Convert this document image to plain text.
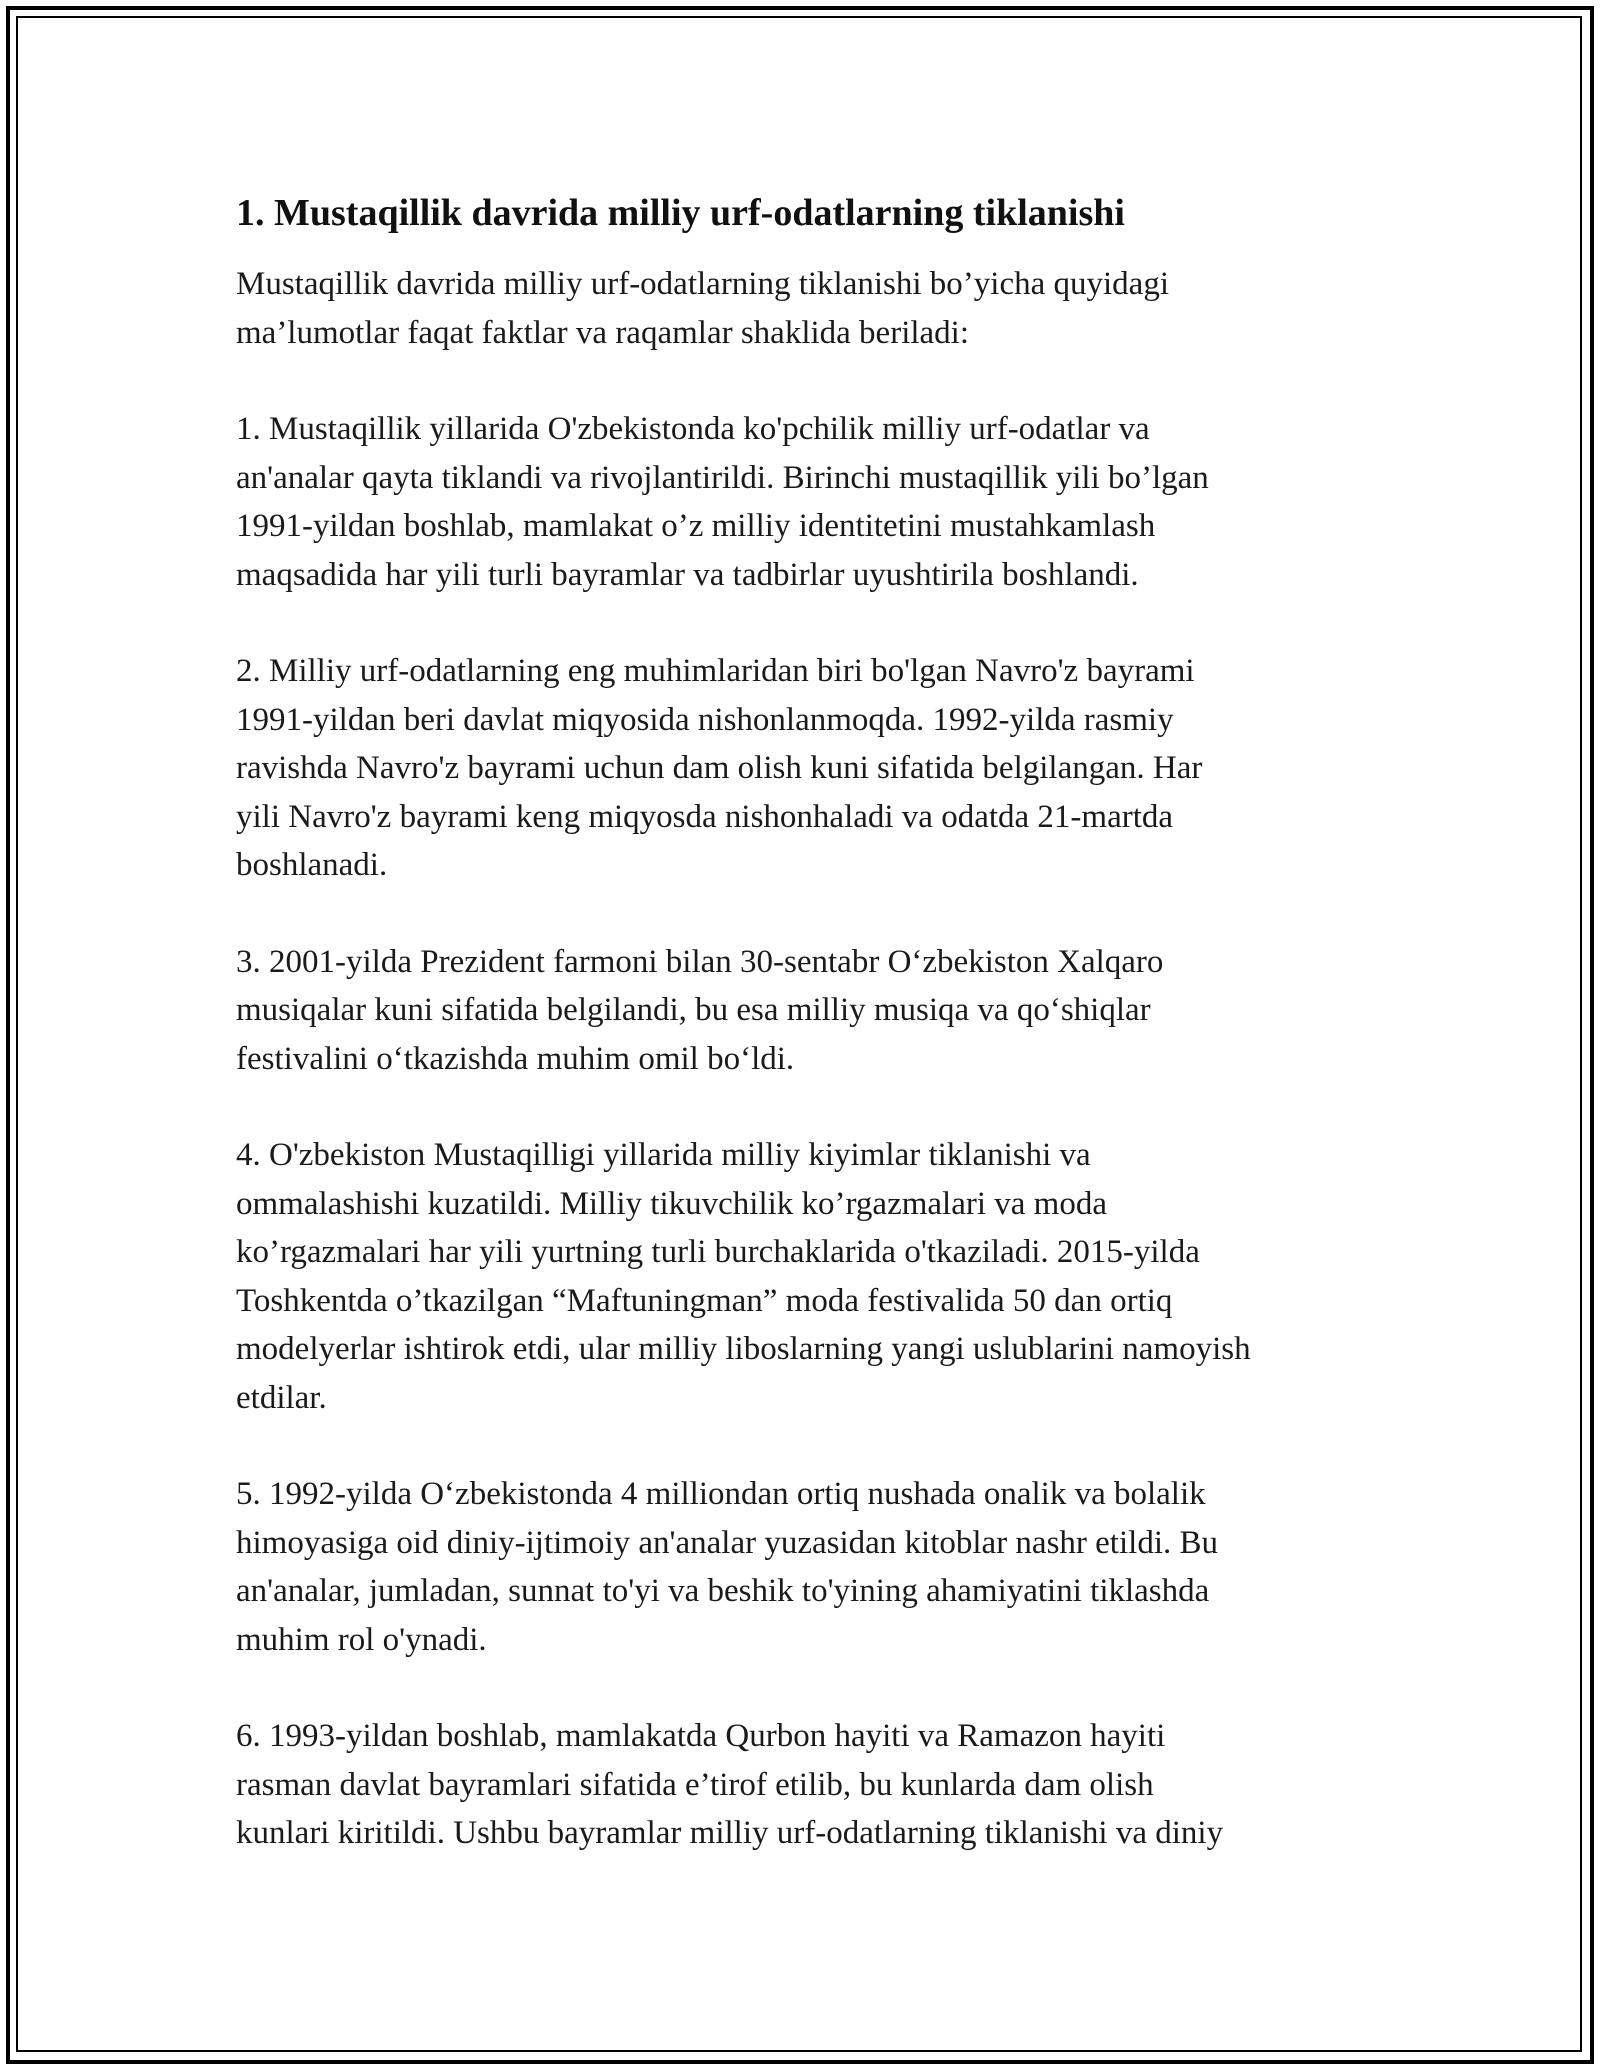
1. Mustaqillik davrida milliy urf-odatlarning tiklanishi

Mustaqillik davrida milliy urf-odatlarning tiklanishi bo’yicha quyidagi
ma’lumotlar faqat faktlar va raqamlar shaklida beriladi:

1. Mustaqillik yillarida O'zbekistonda ko'pchilik milliy urf-odatlar va
an'analar qayta tiklandi va rivojlantirildi. Birinchi mustaqillik yili bo’lgan
1991-yildan boshlab, mamlakat o’z milliy identitetini mustahkamlash
maqsadida har yili turli bayramlar va tadbirlar uyushtirila boshlandi.

2. Milliy urf-odatlarning eng muhimlaridan biri bo'lgan Navro'z bayrami
1991-yildan beri davlat miqyosida nishonlanmoqda. 1992-yilda rasmiy
ravishda Navro'z bayrami uchun dam olish kuni sifatida belgilangan. Har
yili Navro'z bayrami keng miqyosda nishonhaladi va odatda 21-martda
boshlanadi.

3. 2001-yilda Prezident farmoni bilan 30-sentabr O‘zbekiston Xalqaro
musiqalar kuni sifatida belgilandi, bu esa milliy musiqa va qo‘shiqlar
festivalini o‘tkazishda muhim omil bo‘ldi.

4. O'zbekiston Mustaqilligi yillarida milliy kiyimlar tiklanishi va
ommalashishi kuzatildi. Milliy tikuvchilik ko’rgazmalari va moda
ko’rgazmalari har yili yurtning turli burchaklarida o'tkaziladi. 2015-yilda
Toshkentda o’tkazilgan “Maftuningman” moda festivalida 50 dan ortiq
modelyerlar ishtirok etdi, ular milliy liboslarning yangi uslublarini namoyish
etdilar.

5. 1992-yilda O‘zbekistonda 4 milliondan ortiq nushada onalik va bolalik
himoyasiga oid diniy-ijtimoiy an'analar yuzasidan kitoblar nashr etildi. Bu
an'analar, jumladan, sunnat to'yi va beshik to'yining ahamiyatini tiklashda
muhim rol o'ynadi.

6. 1993-yildan boshlab, mamlakatda Qurbon hayiti va Ramazon hayiti
rasman davlat bayramlari sifatida e’tirof etilib, bu kunlarda dam olish
kunlari kiritildi. Ushbu bayramlar milliy urf-odatlarning tiklanishi va diniy
